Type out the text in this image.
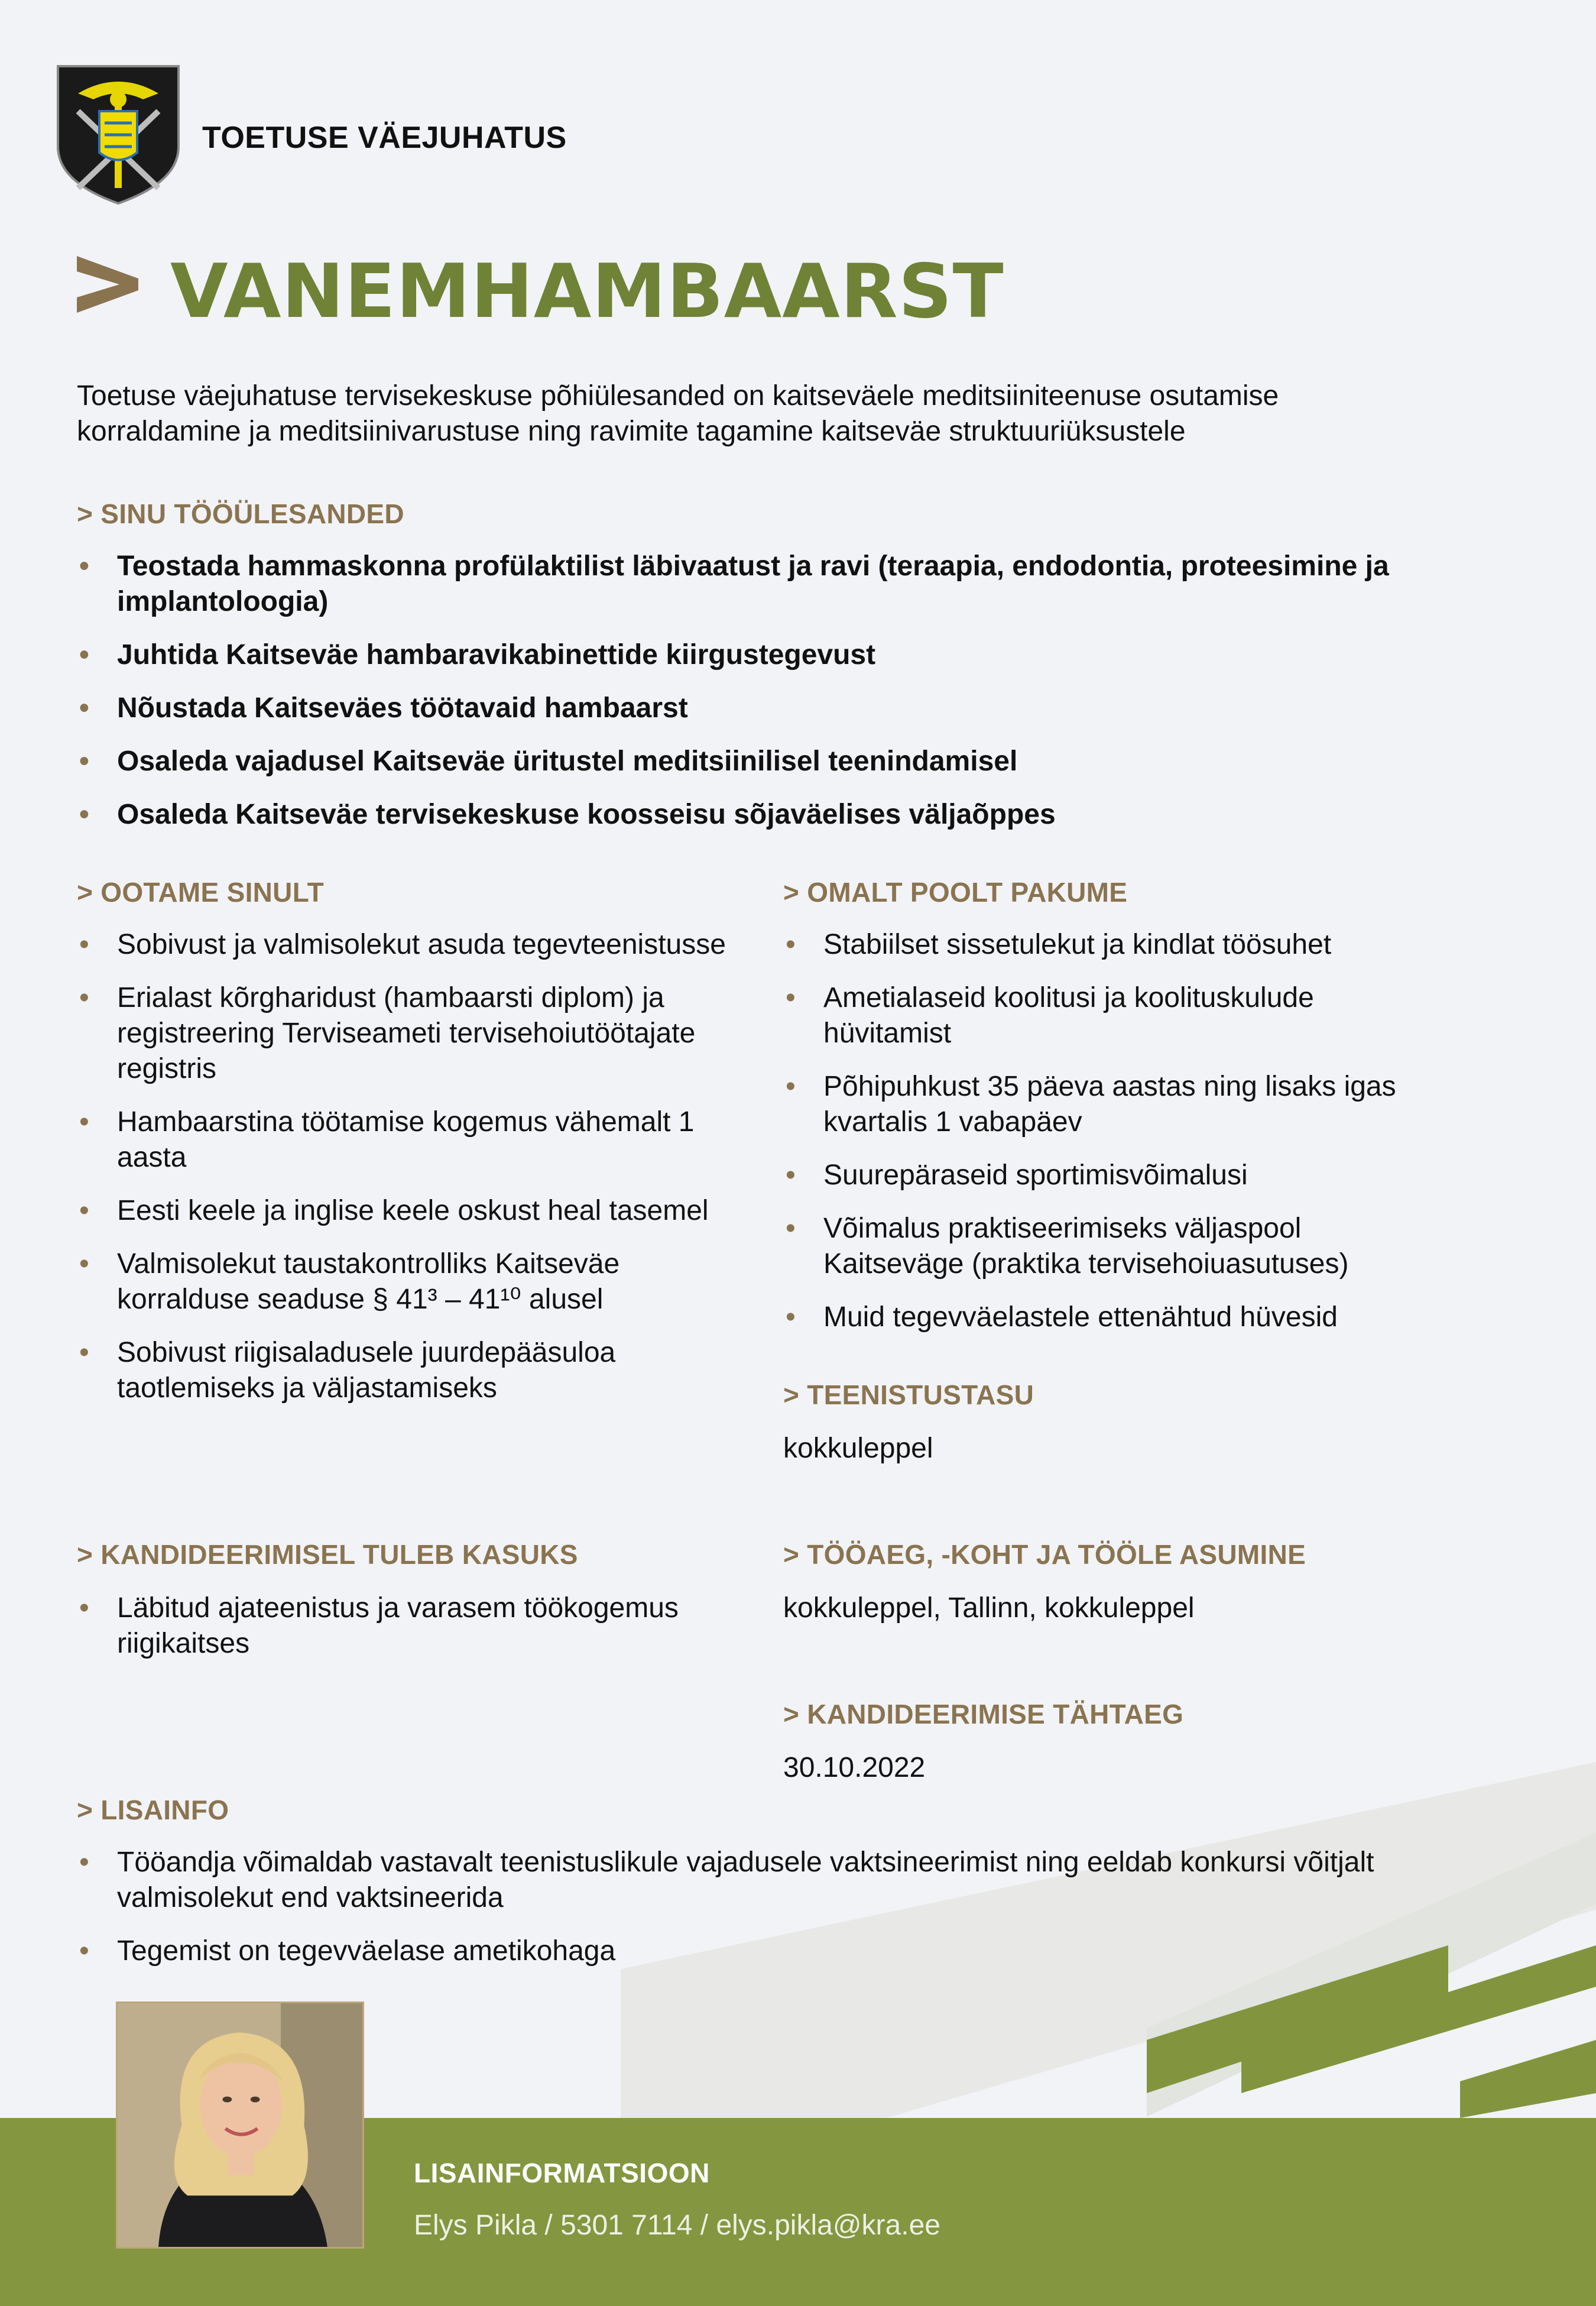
TOETUSE VÄEJUHATUS
VANEMHAMBAARST
Toetuse väejuhatuse tervisekeskuse põhiülesanded on kaitseväele meditsiiniteenuse osutamise korraldamine ja meditsiinivarustuse ning ravimite tagamine kaitseväe struktuuriüksustele
> SINU TÖÖÜLESANDED
• Teostada hammaskonna profülaktilist läbivaatust ja ravi (teraapia, endodontia, proteesimine ja implantoloogia)
• Juhtida Kaitseväe hambaravikabinettide kiirgustegevust
• Nõustada Kaitseväes töötavaid hambaarst
• Osaleda vajadusel Kaitseväe üritustel meditsiinilisel teenindamisel
• Osaleda Kaitseväe tervisekeskuse koosseisu sõjaväelises väljaõppes
> OOTAME SINULT
• Sobivust ja valmisolekut asuda tegevteenistusse
• Erialast kõrgharidust (hambaarsti diplom) ja registreering Terviseameti tervisehoiutöötajate registris
• Hambaarstina töötamise kogemus vähemalt 1 aasta
• Eesti keele ja inglise keele oskust heal tasemel
• Valmisolekut taustakontrolliks Kaitseväe korralduse seaduse § 41³ – 41¹⁰ alusel
• Sobivust riigisaladusele juurdepääsuloa taotlemiseks ja väljastamiseks
> OMALT POOLT PAKUME
• Stabiilset sissetulekut ja kindlat töösuhet
• Ametialaseid koolitusi ja koolituskulude hüvitamist
• Põhipuhkust 35 päeva aastas ning lisaks igas kvartalis 1 vabapäev
• Suurepäraseid sportimisvõimalusi
• Võimalus praktiseerimiseks väljaspool Kaitseväge (praktika tervisehoiuasutuses)
• Muid tegevväelastele ettenähtud hüvesid
> TEENISTUSTASU
kokkuleppel
> KANDIDEERIMISEL TULEB KASUKS
• Läbitud ajateenistus ja varasem töökogemus riigikaitses
> TÖÖAEG, -KOHT JA TÖÖLE ASUMINE
kokkuleppel, Tallinn, kokkuleppel
> KANDIDEERIMISE TÄHTAEG
30.10.2022
> LISAINFO
• Tööandja võimaldab vastavalt teenistuslikule vajadusele vaktsineerimist ning eeldab konkursi võitjalt valmisolekut end vaktsineerida
• Tegemist on tegevväelase ametikohaga
LISAINFORMATSIOON
Elys Pikla / 5301 7114 / elys.pikla@kra.ee
